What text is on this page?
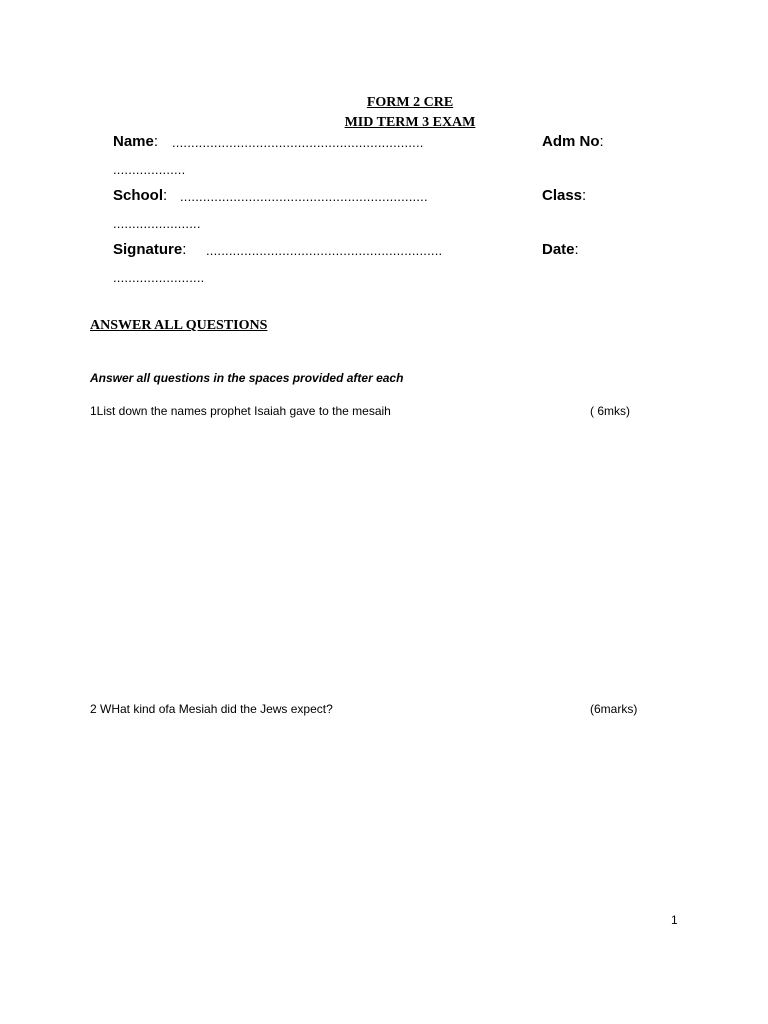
FORM 2 CRE
MID TERM 3 EXAM
Name: ..................................................................	Adm No:
...................
School: .................................................................	Class:
.......................
Signature: ..............................................................	Date:
........................
ANSWER ALL QUESTIONS
Answer all questions in the spaces provided after each
1List down the names prophet Isaiah gave to the mesaih	( 6mks)
2 WHat kind ofa Mesiah did the Jews expect?	(6marks)
1
